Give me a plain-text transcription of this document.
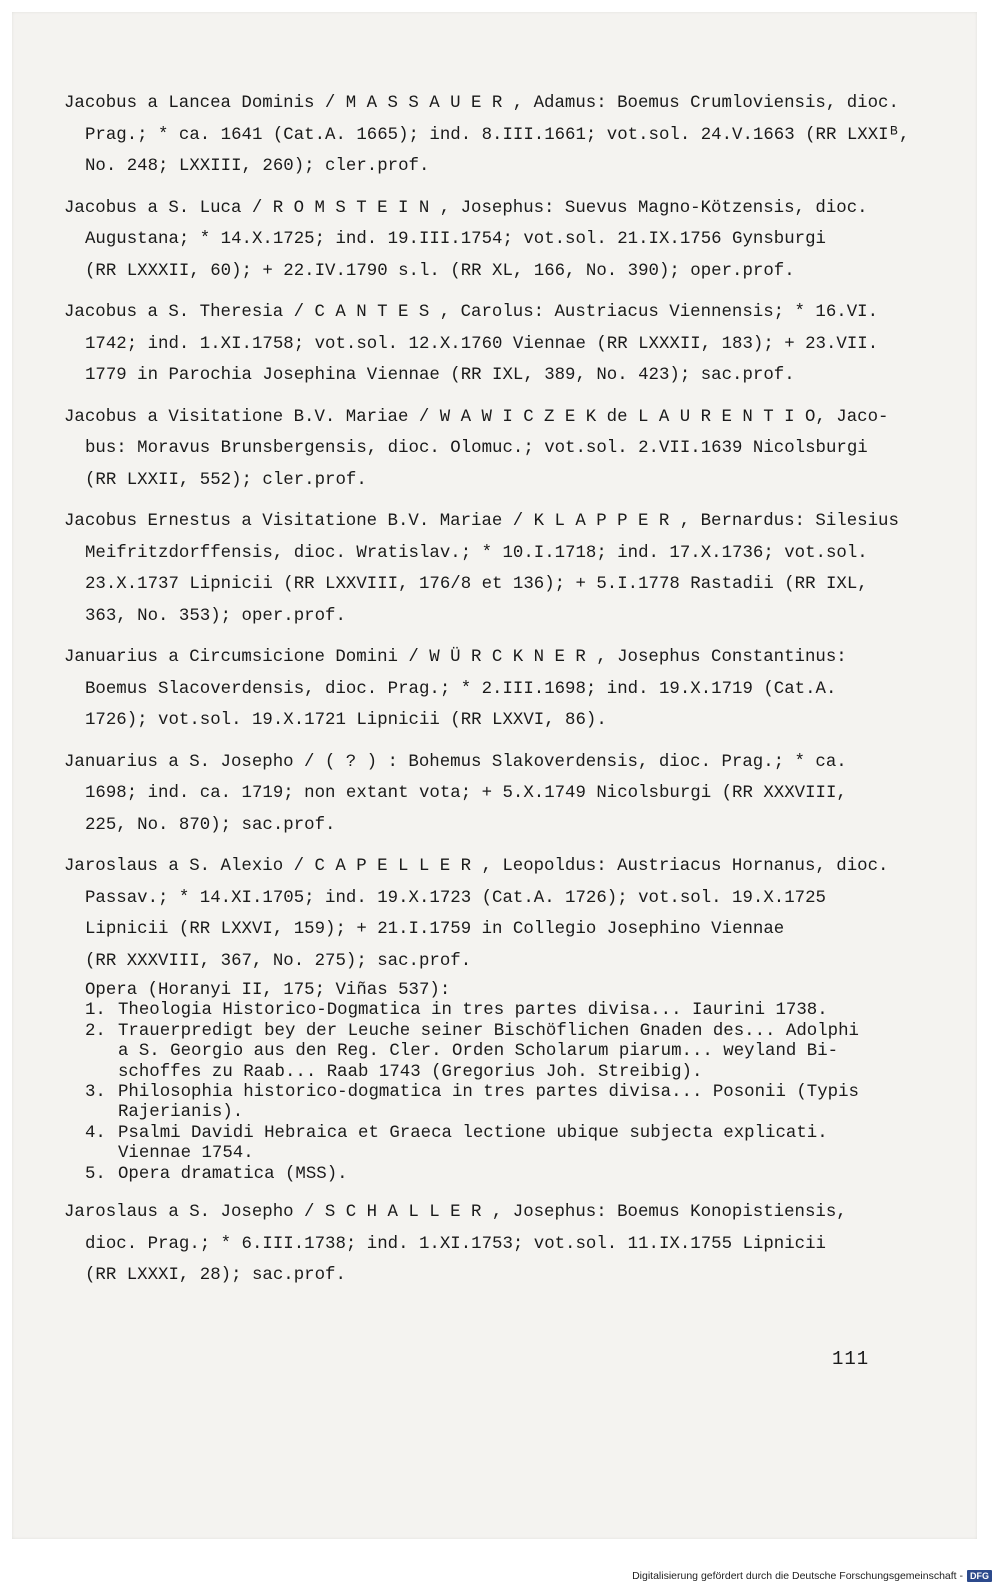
Jacobus a Lancea Dominis / M A S S A U E R , Adamus: Boemus Crumloviensis, dioc.
Prag.; * ca. 1641 (Cat.A. 1665); ind. 8.III.1661; vot.sol. 24.V.1663 (RR LXXIᴮ,
No. 248; LXXIII, 260); cler.prof.
Jacobus a S. Luca / R O M S T E I N , Josephus: Suevus Magno-Kötzensis, dioc.
Augustana; * 14.X.1725; ind. 19.III.1754; vot.sol. 21.IX.1756 Gynsburgi
(RR LXXXII, 60); + 22.IV.1790 s.l. (RR XL, 166, No. 390); oper.prof.
Jacobus a S. Theresia / C A N T E S , Carolus: Austriacus Viennensis; * 16.VI.
1742; ind. 1.XI.1758; vot.sol. 12.X.1760 Viennae (RR LXXXII, 183); + 23.VII.
1779 in Parochia Josephina Viennae (RR IXL, 389, No. 423); sac.prof.
Jacobus a Visitatione B.V. Mariae / W A W I C Z E K de L A U R E N T I O, Jaco-
bus: Moravus Brunsbergensis, dioc. Olomuc.; vot.sol. 2.VII.1639 Nicolsburgi
(RR LXXII, 552); cler.prof.
Jacobus Ernestus a Visitatione B.V. Mariae / K L A P P E R , Bernardus: Silesius
Meifritzdorffensis, dioc. Wratislav.; * 10.I.1718; ind. 17.X.1736; vot.sol.
23.X.1737 Lipnicii (RR LXXVIII, 176/8 et 136); + 5.I.1778 Rastadii (RR IXL,
363, No. 353); oper.prof.
Januarius a Circumsicione Domini / W Ü R C K N E R , Josephus Constantinus:
Boemus Slacoverdensis, dioc. Prag.; * 2.III.1698; ind. 19.X.1719 (Cat.A.
1726); vot.sol. 19.X.1721 Lipnicii (RR LXXVI, 86).
Januarius a S. Josepho / ( ? ) : Bohemus Slakoverdensis, dioc. Prag.; * ca.
1698; ind. ca. 1719; non extant vota; + 5.X.1749 Nicolsburgi (RR XXXVIII,
225, No. 870); sac.prof.
Jaroslaus a S. Alexio / C A P E L L E R , Leopoldus: Austriacus Hornanus, dioc.
Passav.; * 14.XI.1705; ind. 19.X.1723 (Cat.A. 1726); vot.sol. 19.X.1725
Lipnicii (RR LXXVI, 159); + 21.I.1759 in Collegio Josephino Viennae
(RR XXXVIII, 367, No. 275); sac.prof.
Opera (Horanyi II, 175; Viñas 537):
1. Theologia Historico-Dogmatica in tres partes divisa... Iaurini 1738.
2. Trauerpredigt bey der Leuche seiner Bischöflichen Gnaden des... Adolphi
a S. Georgio aus den Reg. Cler. Orden Scholarum piarum... weyland Bi-
schoffes zu Raab... Raab 1743 (Gregorius Joh. Streibig).
3. Philosophia historico-dogmatica in tres partes divisa... Posonii (Typis
Rajerianis).
4. Psalmi Davidi Hebraica et Graeca lectione ubique subjecta explicati.
Viennae 1754.
5. Opera dramatica (MSS).
Jaroslaus a S. Josepho / S C H A L L E R , Josephus: Boemus Konopistiensis,
dioc. Prag.; * 6.III.1738; ind. 1.XI.1753; vot.sol. 11.IX.1755 Lipnicii
(RR LXXXI, 28); sac.prof.
111
Digitalisierung gefördert durch die Deutsche Forschungsgemeinschaft - DFG
